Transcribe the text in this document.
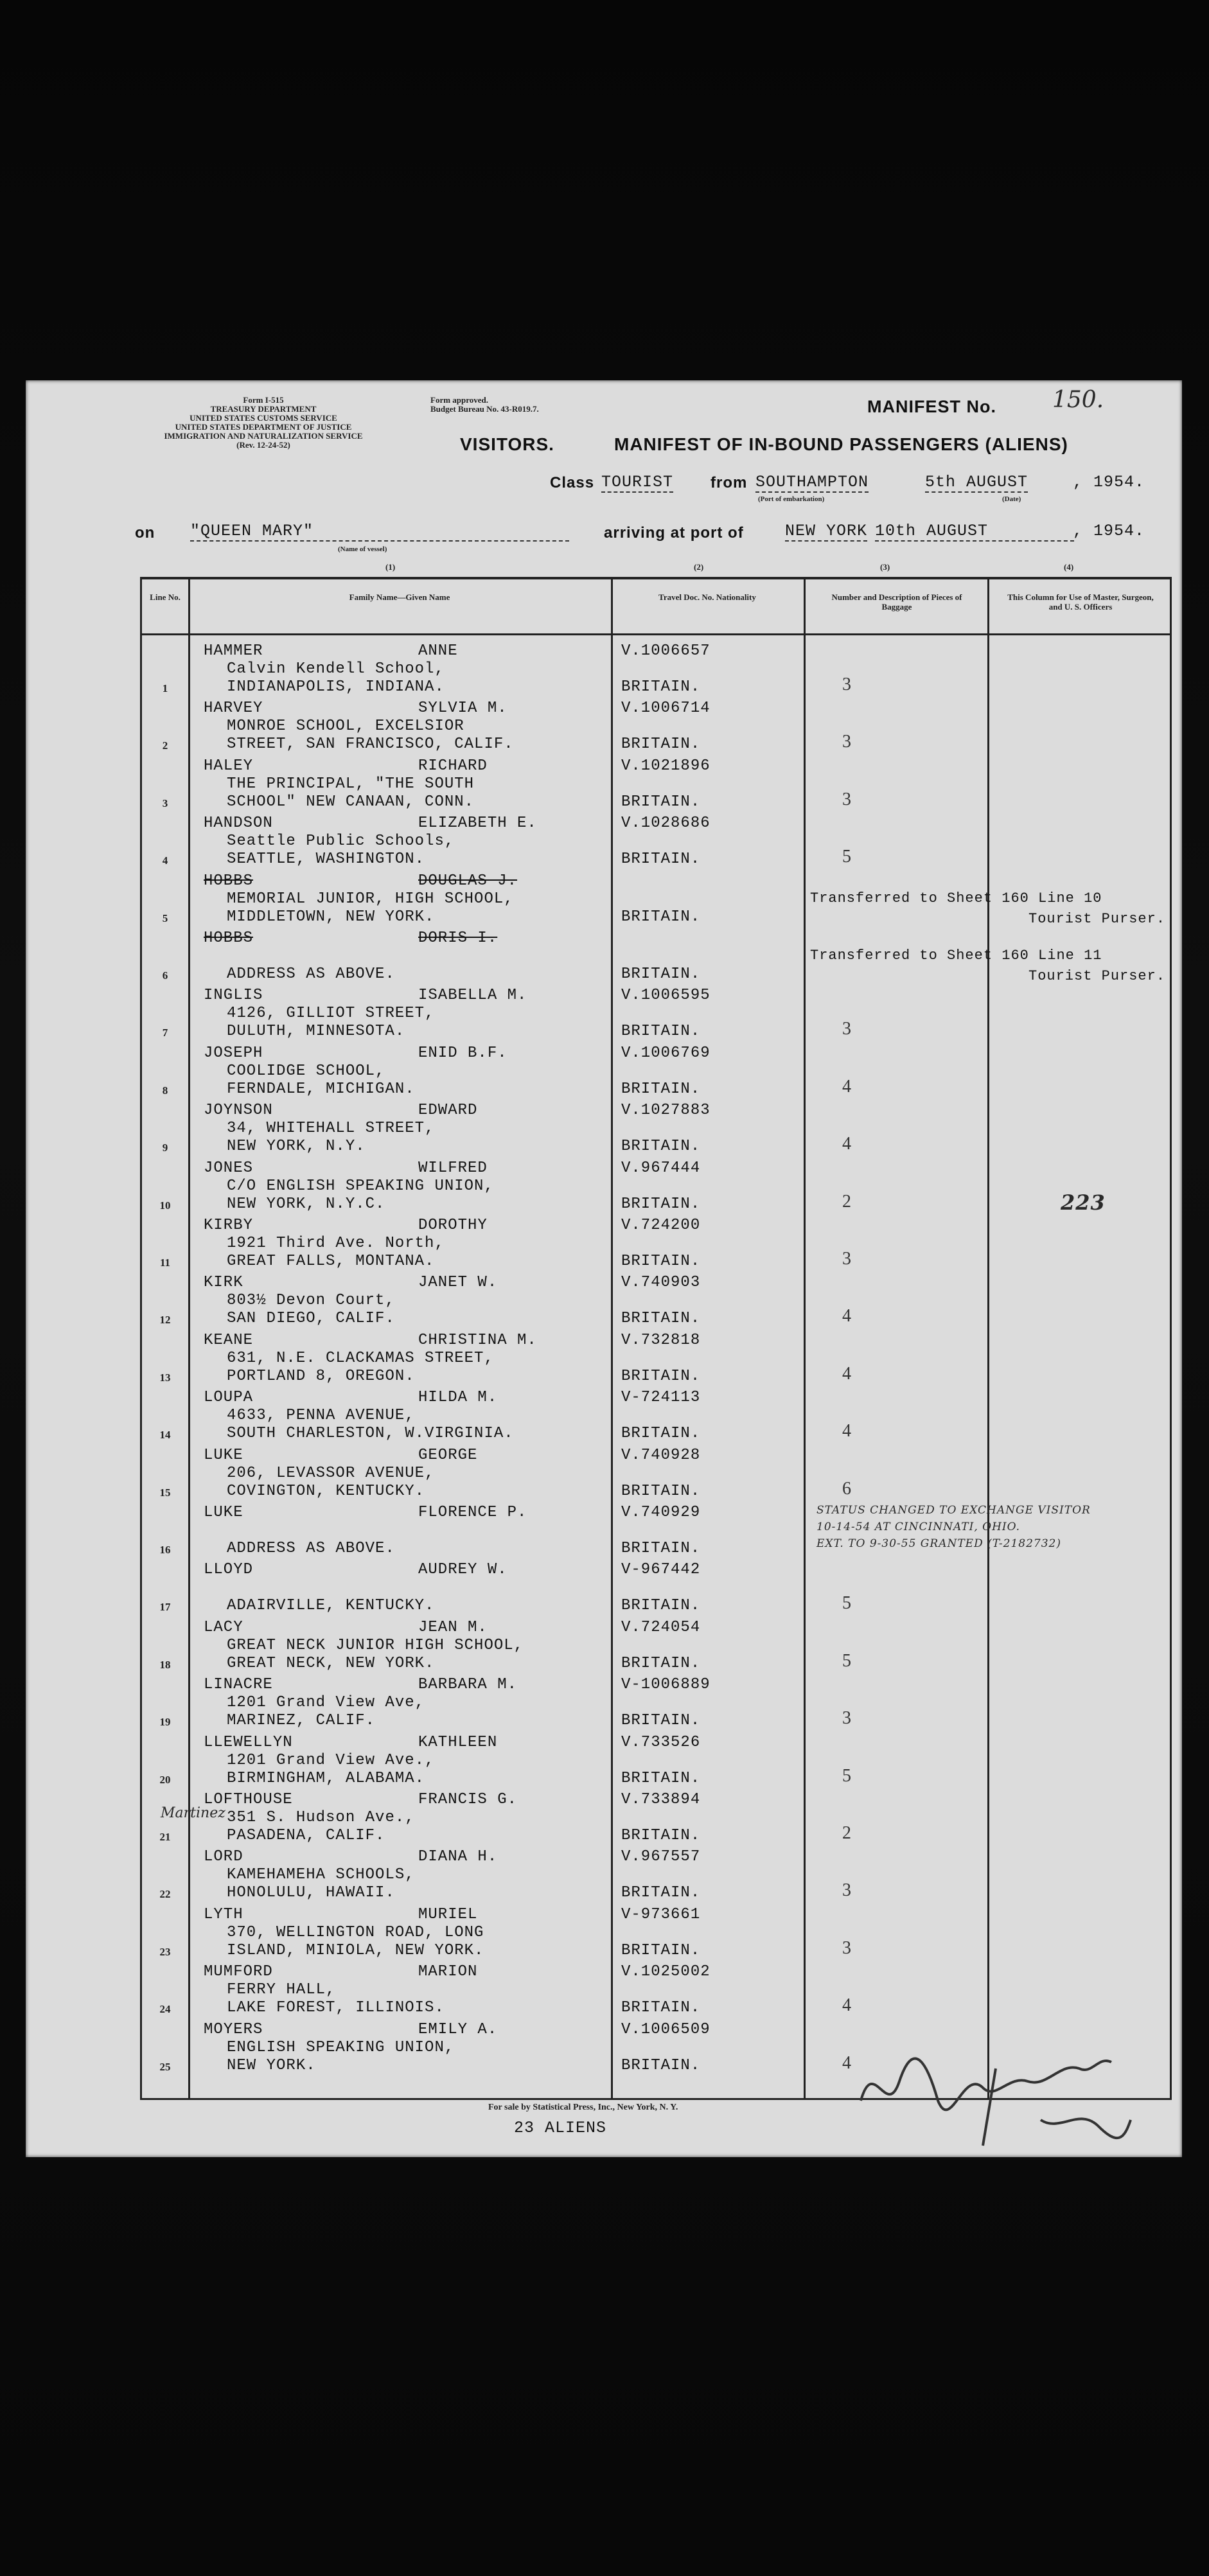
Form I-515
TREASURY DEPARTMENT
UNITED STATES CUSTOMS SERVICE
UNITED STATES DEPARTMENT OF JUSTICE
IMMIGRATION AND NATURALIZATION SERVICE
(Rev. 12-24-52)
Form approved.
Budget Bureau No. 43-R019.7.	MANIFEST No. 150.
VISITORS.	MANIFEST OF IN-BOUND PASSENGERS (ALIENS)
Class TOURIST from SOUTHAMPTON	5th AUGUST	, 1954.
(Port of embarkation)	(Date)
on "QUEEN MARY"
(Name of vessel)
arriving at port of	NEW YORK 10th AUGUST	, 1954.
(1)	(2)	(3)	(4)
Line No.	Family Name—Given Name	Travel Doc. No. Nationality	Number and Description of Pieces of Baggage
This Column for Use of Master, Surgeon, and U. S. Officers
1
HAMMER	ANNE
Calvin Kendell School,
INDIANAPOLIS, INDIANA.
V.1006657
BRITAIN.	3
2
HARVEY	SYLVIA M.
MONROE SCHOOL, EXCELSIOR
STREET, SAN FRANCISCO, CALIF.
V.1006714
BRITAIN.	3
3
HALEY	RICHARD
THE PRINCIPAL, "THE SOUTH
SCHOOL" NEW CANAAN, CONN.
V.1021896
BRITAIN.	3
4
HANDSON	ELIZABETH E.
Seattle Public Schools,
SEATTLE, WASHINGTON.
V.1028686
BRITAIN.	5
5
HOBBS	DOUGLAS J.
MEMORIAL JUNIOR, HIGH SCHOOL,
MIDDLETOWN, NEW YORK.	BRITAIN.
Transferred to Sheet 160 Line 10
Tourist Purser.
6
HOBBS	DORIS I.
ADDRESS AS ABOVE.	BRITAIN.
Transferred to Sheet 160 Line 11
Tourist Purser.
7
INGLIS	ISABELLA M.
4126, GILLIOT STREET,
DULUTH, MINNESOTA.
V.1006595
BRITAIN.	3
8
JOSEPH	ENID B.F.
COOLIDGE SCHOOL,
FERNDALE, MICHIGAN.
V.1006769
BRITAIN.	4
9
JOYNSON	EDWARD
34, WHITEHALL STREET,
NEW YORK, N.Y.
V.1027883
BRITAIN.	4
10
JONES	WILFRED
C/O ENGLISH SPEAKING UNION,
NEW YORK, N.Y.C.
V.967444
BRITAIN.	2	223
11
KIRBY	DOROTHY
1921 Third Ave. North,
GREAT FALLS, MONTANA.
V.724200
BRITAIN.	3
12
KIRK	JANET W.
803½ Devon Court,
SAN DIEGO, CALIF.
V.740903
BRITAIN.	4
13
KEANE	CHRISTINA M.
631, N.E. CLACKAMAS STREET,
PORTLAND 8, OREGON.
V.732818
BRITAIN.	4
14
LOUPA	HILDA M.
4633, PENNA AVENUE,
SOUTH CHARLESTON, W.VIRGINIA.
V-724113
BRITAIN.	4
15
LUKE	GEORGE
206, LEVASSOR AVENUE,
COVINGTON, KENTUCKY.
V.740928
BRITAIN.	6
16
LUKE	FLORENCE P.
ADDRESS AS ABOVE.
V.740929
BRITAIN.
STATUS CHANGED TO EXCHANGE VISITOR
10-14-54 AT CINCINNATI, OHIO.
EXT. TO 9-30-55 GRANTED (T-2182732)
17
LLOYD	AUDREY W.
ADAIRVILLE, KENTUCKY.
V-967442
BRITAIN.	5
18
LACY	JEAN M.
GREAT NECK JUNIOR HIGH SCHOOL,
GREAT NECK, NEW YORK.
V.724054
BRITAIN.	5
19
LINACRE	BARBARA M.
1201 Grand View Ave,
MARINEZ, CALIF.
V-1006889
BRITAIN.	3
20
LLEWELLYN	KATHLEEN
1201 Grand View Ave.,
BIRMINGHAM, ALABAMA.
V.733526
BRITAIN.	5
21
LOFTHOUSE	FRANCIS G.
351 S. Hudson Ave.,
PASADENA, CALIF.
V.733894
BRITAIN.	2
22
LORD	DIANA H.
KAMEHAMEHA SCHOOLS,
HONOLULU, HAWAII.
V.967557
BRITAIN.	3
23
LYTH	MURIEL
370, WELLINGTON ROAD, LONG
ISLAND, MINIOLA, NEW YORK.
V-973661
BRITAIN.	3
24
MUMFORD	MARION
FERRY HALL,
LAKE FOREST, ILLINOIS.
V.1025002
BRITAIN.	4
25
MOYERS	EMILY A.
ENGLISH SPEAKING UNION,
NEW YORK.
V.1006509
BRITAIN.	4
Martinez
For sale by Statistical Press, Inc., New York, N. Y.
23 ALIENS
